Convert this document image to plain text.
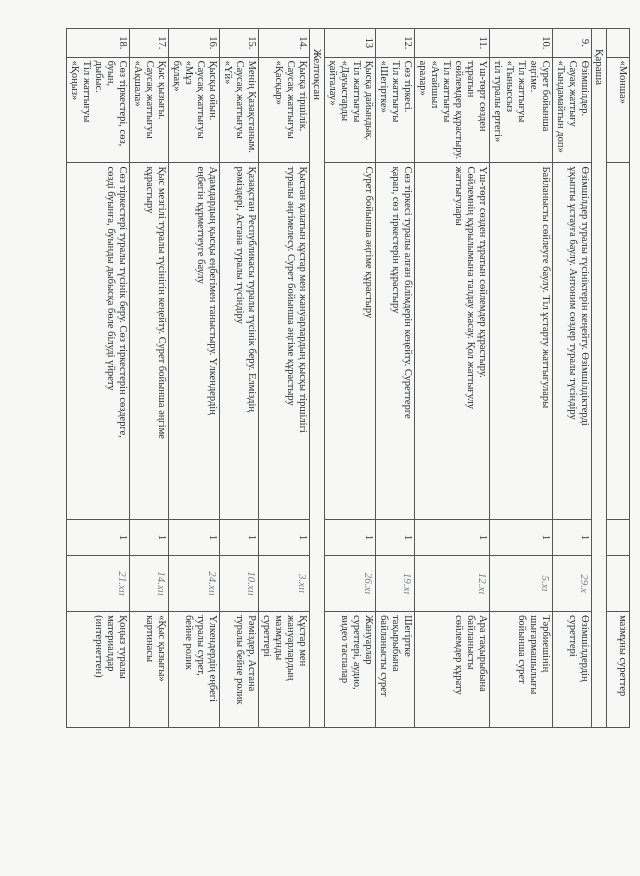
	«Монша»				мазмұны суреттер
Қараша					
9.	Өзімшілдер.
Сауақ жаттығу
«Тындамайтын доп»	Өзімшілдер туралы түсініктерін кеңейту. Өзімшілдіктерді
ұқыпты ұстауға баулу. Антоним сөздер туралы түсіндіру	1	29.x	Өзімшілдердің
суреттері
10.	Сурет бойынша әңгіме.
Тіл жаттығуы «Тыныссыз
тіл туралы ертегі»	Байланысты сөйлеуге баулу. Тіл ұстарту жаттығулары	1	5.xı	Тәрбиешінің
шығармашылығы
бойынша сурет
11.	Үш-төрт сөзден тұратын
сөйлемдер құрастыру.
Тіл жаттығуы «Атайшыл
аралар»	Үш-төрт сөзден тұратын сөйлемдер құрастыру.
Сөйлемнің құрылымына талдау жасау. Қол жаттығулу
жаттығулары	1	12.xı	Ара тақырыбына
байланысты
сөйлемдер құрату
12.	Сөз тіркесі.
Тіл жаттығуы «Шегіртке»	Сөз тіркесі туралы алған білімдерін кеңейту. Суреттерге
қарап, сөз тіркестерін құрастыру	1	19.xı	Шегіртке
тақырыбына
байланысты сурет
13	Қысқа дайындық.
Тіл жаттығуы «Дауыстарды
қайталау»	Сурет бойынша әңгіме құрастыру	1	26.xı	Жануарлар
суреттері, аудио,
видео таспалар
Желтоқсан					
14.	Қысқа тіршілік.
Саусақ жаттығуы
«Қасқыр»	Қыстан қалатын құстар мен жануарлардың қысқы тіршілігі
туралы әңгімелесу. Сурет бойынша әңгіме құрастыру	1	3.xıı	Құстар мен
жануарлардың
мазмұнды
суреттері
15.	Менің Қазақстаным.
Саусақ жаттығуы «Үй»	Қазақстан Республикасы туралы түсінік беру. Елміздің
рәміздері, Астана туралы түсіндіру	1	10.xıı	Рәміздер, Астана
туралы бейне ролик
16.	Қысқы ойын.
Саусақ жаттығуы «Мұз
бұлақ»	Адамдардың қысқы еңбегімен таныстыру. Үлкендердің
еңбегін құрметтеуге баулу	1	24.xıı	Үлкендердің еңбегі
туралы сурет,
бейне ролик
17.	Қыс қызығы.
Саусақ жаттығуы «Ақшала»	Қыс мезгілі туралы түсінігін кеңейту. Сурет бойынша әңгіме
құрастыру	1	14.xıı	«Қыс қызығы»
картинасы
18.	Сөз тіркестері, сөз, буын,
дыбыс.
Тіл жаттығуы «Қоңыз»	Сөз тіркестері туралы түсінік беру. Сөз тіркестерін сөздерге,
сөзді буынға, буынды дыбысқа бөле білуді үйрету	1	21.xıı	Қоңыз туралы
материалдар
(интернеттен)
